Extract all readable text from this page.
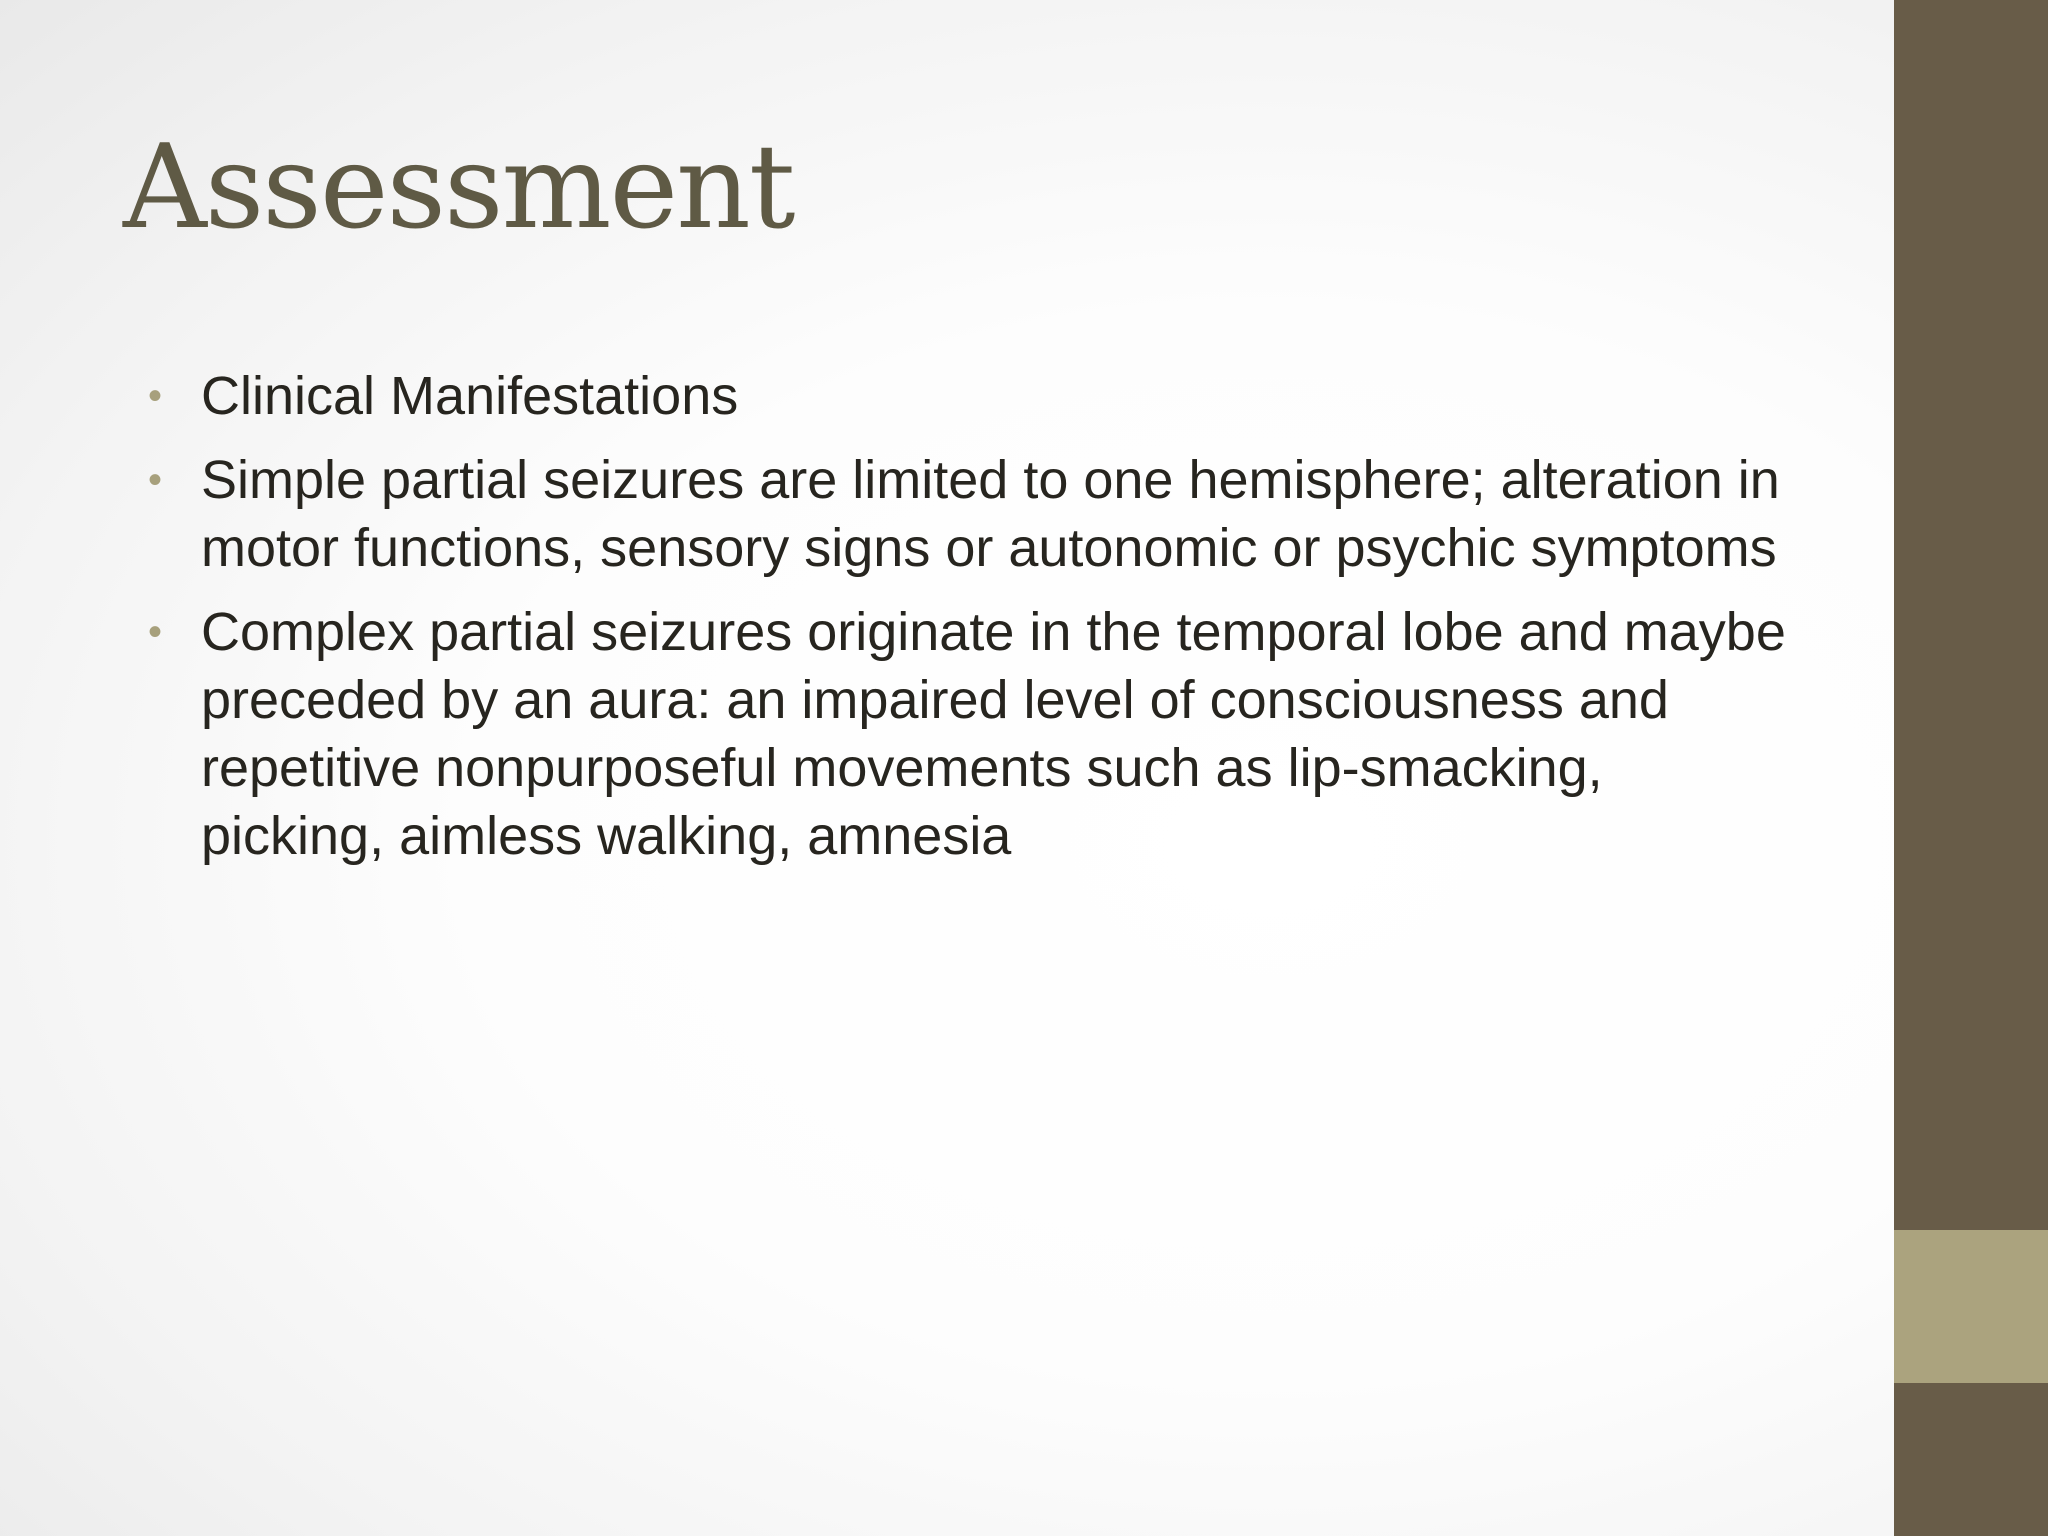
Assessment
• Clinical Manifestations
• Simple partial seizures are limited to one hemisphere; alteration in motor functions, sensory signs or autonomic or psychic symptoms
• Complex partial seizures originate in the temporal lobe and maybe preceded by an aura: an impaired level of consciousness and repetitive nonpurposeful movements such as lip-smacking, picking, aimless walking, amnesia
